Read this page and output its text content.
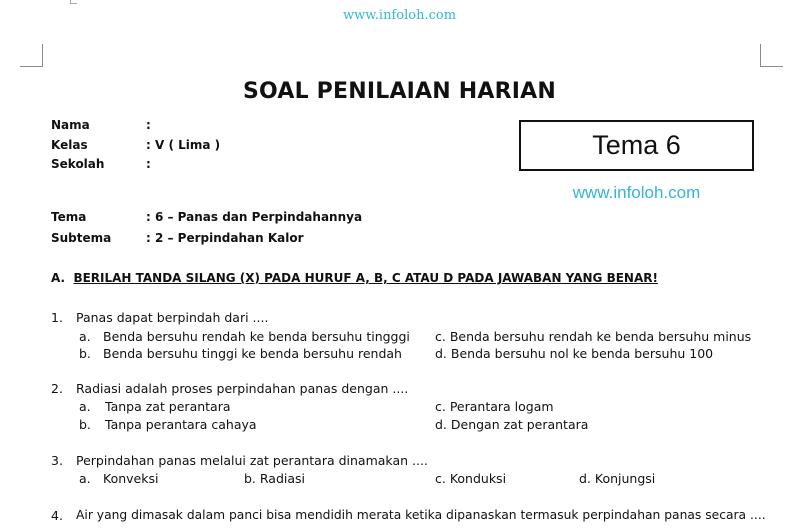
www.infoloh.com
SOAL PENILAIAN HARIAN
Nama	:
Kelas	: V ( Lima )
Sekolah	:
Tema 6
www.infoloh.com
Tema	: 6 – Panas dan Perpindahannya
Subtema	: 2 – Perpindahan Kalor
A. BERILAH TANDA SILANG (X) PADA HURUF A, B, C ATAU D PADA JAWABAN YANG BENAR!
1. Panas dapat berpindah dari ....
a. Benda bersuhu rendah ke benda bersuhu tingggi
b. Benda bersuhu tinggi ke benda bersuhu rendah
c. Benda bersuhu rendah ke benda bersuhu minus
d. Benda bersuhu nol ke benda bersuhu 100
2. Radiasi adalah proses perpindahan panas dengan ....
a. Tanpa zat perantara
b. Tanpa perantara cahaya
c. Perantara logam
d. Dengan zat perantara
3. Perpindahan panas melalui zat perantara dinamakan ....
a. Konveksi	b. Radiasi	c. Konduksi	d. Konjungsi
4. Air yang dimasak dalam panci bisa mendidih merata ketika dipanaskan termasuk perpindahan panas secara ....
